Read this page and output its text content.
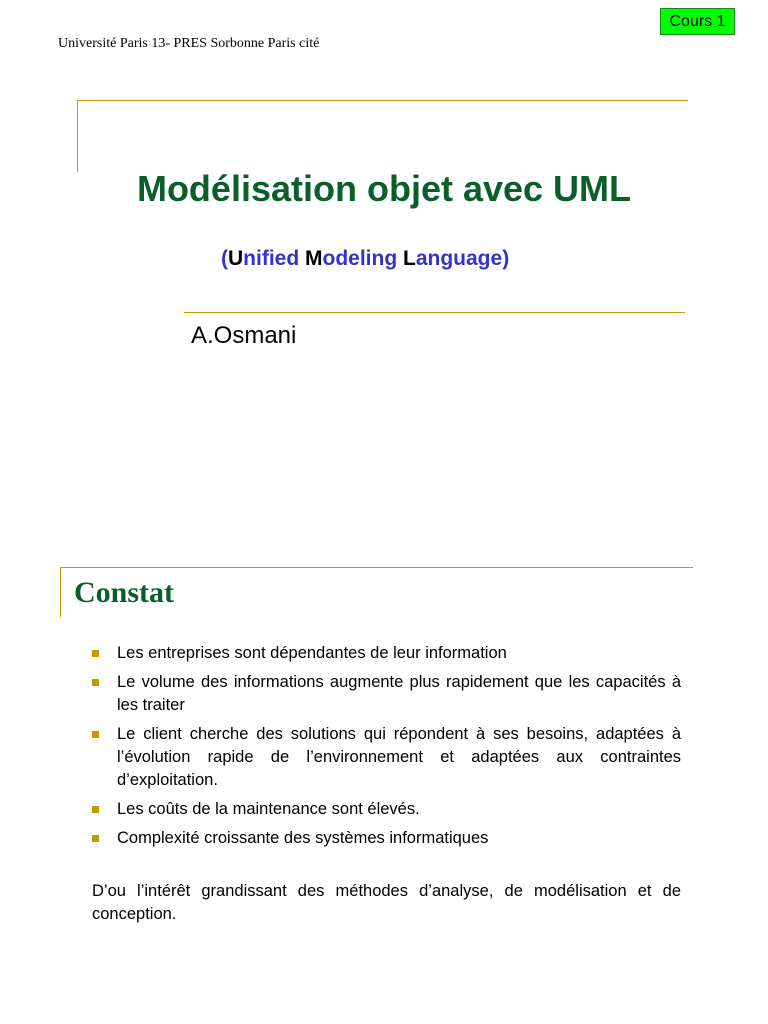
Cours 1
Université Paris 13- PRES Sorbonne Paris cité
Modélisation objet avec UML
(Unified Modeling Language)
A.Osmani
Constat
Les entreprises sont dépendantes de leur information
Le volume des informations augmente plus rapidement que les capacités à les traiter
Le client cherche des solutions qui répondent à ses besoins, adaptées à l’évolution rapide de l’environnement et adaptées aux contraintes d’exploitation.
Les coûts de la maintenance sont élevés.
Complexité croissante des systèmes informatiques
D’ou l’intérêt grandissant des méthodes d’analyse, de modélisation et de conception.
